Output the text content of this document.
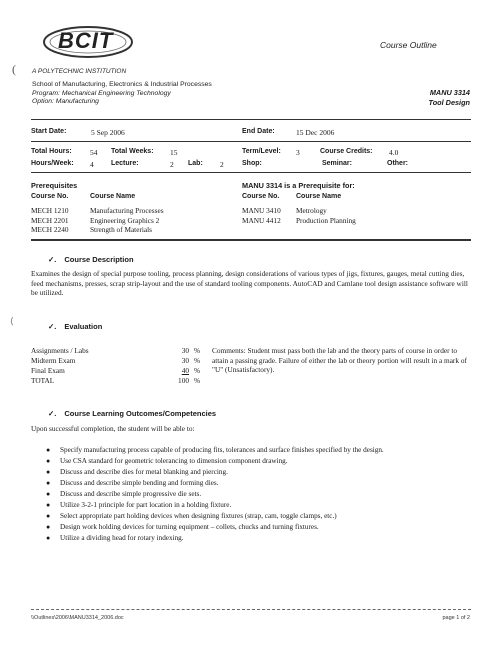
BCIT
A POLYTECHNIC INSTITUTION
Course Outline
(
School of Manufacturing, Electronics & Industrial Processes
Program: Mechanical Engineering Technology
Option: Manufacturing
MANU 3314
Tool Design
Start Date:	5 Sep 2006	End Date:	15 Dec 2006
Total Hours: 54 Total Weeks: 15	Term/Level: 3	Course Credits: 4.0
Hours/Week: 4 Lecture:	2 Lab: 2	Shop:	Seminar:	Other:
Prerequisites
Course No.	Course Name
MECH 1210	Manufacturing Processes
MECH 2201	Engineering Graphics 2
MECH 2240	Strength of Materials
MANU 3314 is a Prerequisite for:
Course No. Course Name
MANU 3410 Metrology
MANU 4412 Production Planning
✓. Course Description
Examines the design of special purpose tooling, process planning, design considerations of various types of jigs, fixtures, gauges, metal cutting dies, feed mechanisms, presses, scrap strip-layout and the use of standard tooling components. AutoCAD and Camlane tool design assistance software will be utilized.
⟨
✓. Evaluation
Assignments / Labs	30 %
Midterm Exam	30 %
Final Exam	40 %
TOTAL	100 %
Comments: Student must pass both the lab and the theory parts of course in order to attain a passing grade. Failure of either the lab or theory portion will result in a mark of "U" (Unsatisfactory).
✓. Course Learning Outcomes/Competencies
Upon successful completion, the student will be able to:
● Specify manufacturing process capable of producing fits, tolerances and surface finishes specified by the design.
● Use CSA standard for geometric tolerancing to dimension component drawing.
● Discuss and describe dies for metal blanking and piercing.
● Discuss and describe simple bending and forming dies.
● Discuss and describe simple progressive die sets.
● Utilize 3-2-1 principle for part location in a holding fixture.
● Select appropriate part holding devices when designing fixtures (strap, cam, toggle clamps, etc.)
● Design work holding devices for turning equipment – collets, chucks and turning fixtures.
● Utilize a dividing head for rotary indexing.
\\Outlines\2006\MANU3314_2006.doc	page 1 of 2
